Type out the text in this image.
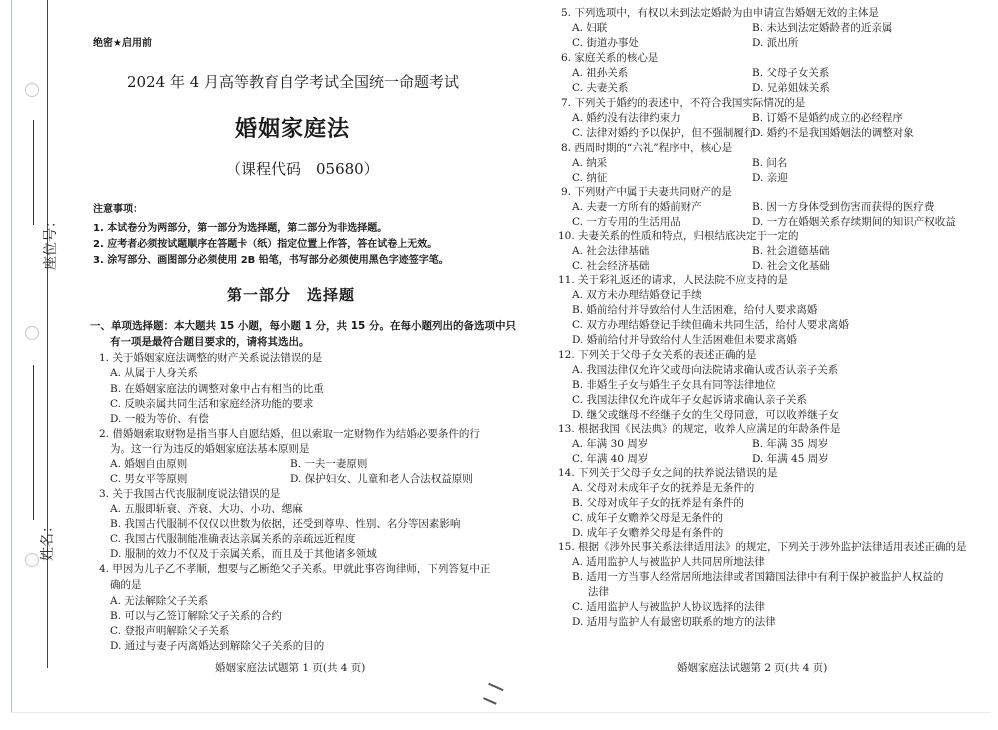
座位号：
姓名：
绝密★启用前
2024 年 4 月高等教育自学考试全国统一命题考试
婚姻家庭法
（课程代码　05680）
注意事项：
1. 本试卷分为两部分，第一部分为选择题，第二部分为非选择题。
2. 应考者必须按试题顺序在答题卡（纸）指定位置上作答，答在试卷上无效。
3. 涂写部分、画图部分必须使用 2B 铅笔，书写部分必须使用黑色字迹签字笔。
第一部分　选择题
一、单项选择题：本大题共 15 小题，每小题 1 分，共 15 分。在每小题列出的备选项中只
有一项是最符合题目要求的，请将其选出。
1. 关于婚姻家庭法调整的财产关系说法错误的是
A. 从属于人身关系
B. 在婚姻家庭法的调整对象中占有相当的比重
C. 反映亲属共同生活和家庭经济功能的要求
D. 一般为等价、有偿
2. 借婚姻索取财物是指当事人自愿结婚，但以索取一定财物作为结婚必要条件的行
为。这一行为违反的婚姻家庭法基本原则是
A. 婚姻自由原则	B. 一夫一妻原则
C. 男女平等原则	D. 保护妇女、儿童和老人合法权益原则
3. 关于我国古代丧服制度说法错误的是
A. 五服即斩衰、齐衰、大功、小功、缌麻
B. 我国古代服制不仅仅以世数为依据，还受到尊卑、性别、名分等因素影响
C. 我国古代服制能准确表达亲属关系的亲疏远近程度
D. 服制的效力不仅及于亲属关系，而且及于其他诸多领域
4. 甲因为儿子乙不孝顺，想要与乙断绝父子关系。甲就此事咨询律师，下列答复中正
确的是
A. 无法解除父子关系
B. 可以与乙签订解除父子关系的合约
C. 登报声明解除父子关系
D. 通过与妻子丙离婚达到解除父子关系的目的
婚姻家庭法试题第 1 页(共 4 页)
5. 下列选项中，有权以未到法定婚龄为由申请宣告婚姻无效的主体是
A. 妇联	B. 未达到法定婚龄者的近亲属
C. 街道办事处	D. 派出所
6. 家庭关系的核心是
A. 祖孙关系	B. 父母子女关系
C. 夫妻关系	D. 兄弟姐妹关系
7. 下列关于婚约的表述中，不符合我国实际情况的是
A. 婚约没有法律约束力	B. 订婚不是婚约成立的必经程序
C. 法律对婚约予以保护，但不强制履行
D. 婚约不是我国婚姻法的调整对象
8. 西周时期的“六礼”程序中，核心是
A. 纳采	B. 问名
C. 纳征	D. 亲迎
9. 下列财产中属于夫妻共同财产的是
A. 夫妻一方所有的婚前财产	B. 因一方身体受到伤害而获得的医疗费
C. 一方专用的生活用品	D. 一方在婚姻关系存续期间的知识产权收益
10. 夫妻关系的性质和特点，归根结底决定于一定的
A. 社会法律基础	B. 社会道德基础
C. 社会经济基础	D. 社会文化基础
11. 关于彩礼返还的请求，人民法院不应支持的是
A. 双方未办理结婚登记手续
B. 婚前给付并导致给付人生活困难，给付人要求离婚
C. 双方办理结婚登记手续但确未共同生活，给付人要求离婚
D. 婚前给付并导致给付人生活困难但未要求离婚
12. 下列关于父母子女关系的表述正确的是
A. 我国法律仅允许父或母向法院请求确认或否认亲子关系
B. 非婚生子女与婚生子女具有同等法律地位
C. 我国法律仅允许成年子女起诉请求确认亲子关系
D. 继父或继母不经继子女的生父母同意，可以收养继子女
13. 根据我国《民法典》的规定，收养人应满足的年龄条件是
A. 年满 30 周岁	B. 年满 35 周岁
C. 年满 40 周岁	D. 年满 45 周岁
14. 下列关于父母子女之间的扶养说法错误的是
A. 父母对未成年子女的抚养是无条件的
B. 父母对成年子女的抚养是有条件的
C. 成年子女赡养父母是无条件的
D. 成年子女赡养父母是有条件的
15. 根据《涉外民事关系法律适用法》的规定，下列关于涉外监护法律适用表述正确的是
A. 适用监护人与被监护人共同居所地法律
B. 适用一方当事人经常居所地法律或者国籍国法律中有利于保护被监护人权益的
法律
C. 适用监护人与被监护人协议选择的法律
D. 适用与监护人有最密切联系的地方的法律
婚姻家庭法试题第 2 页(共 4 页)
